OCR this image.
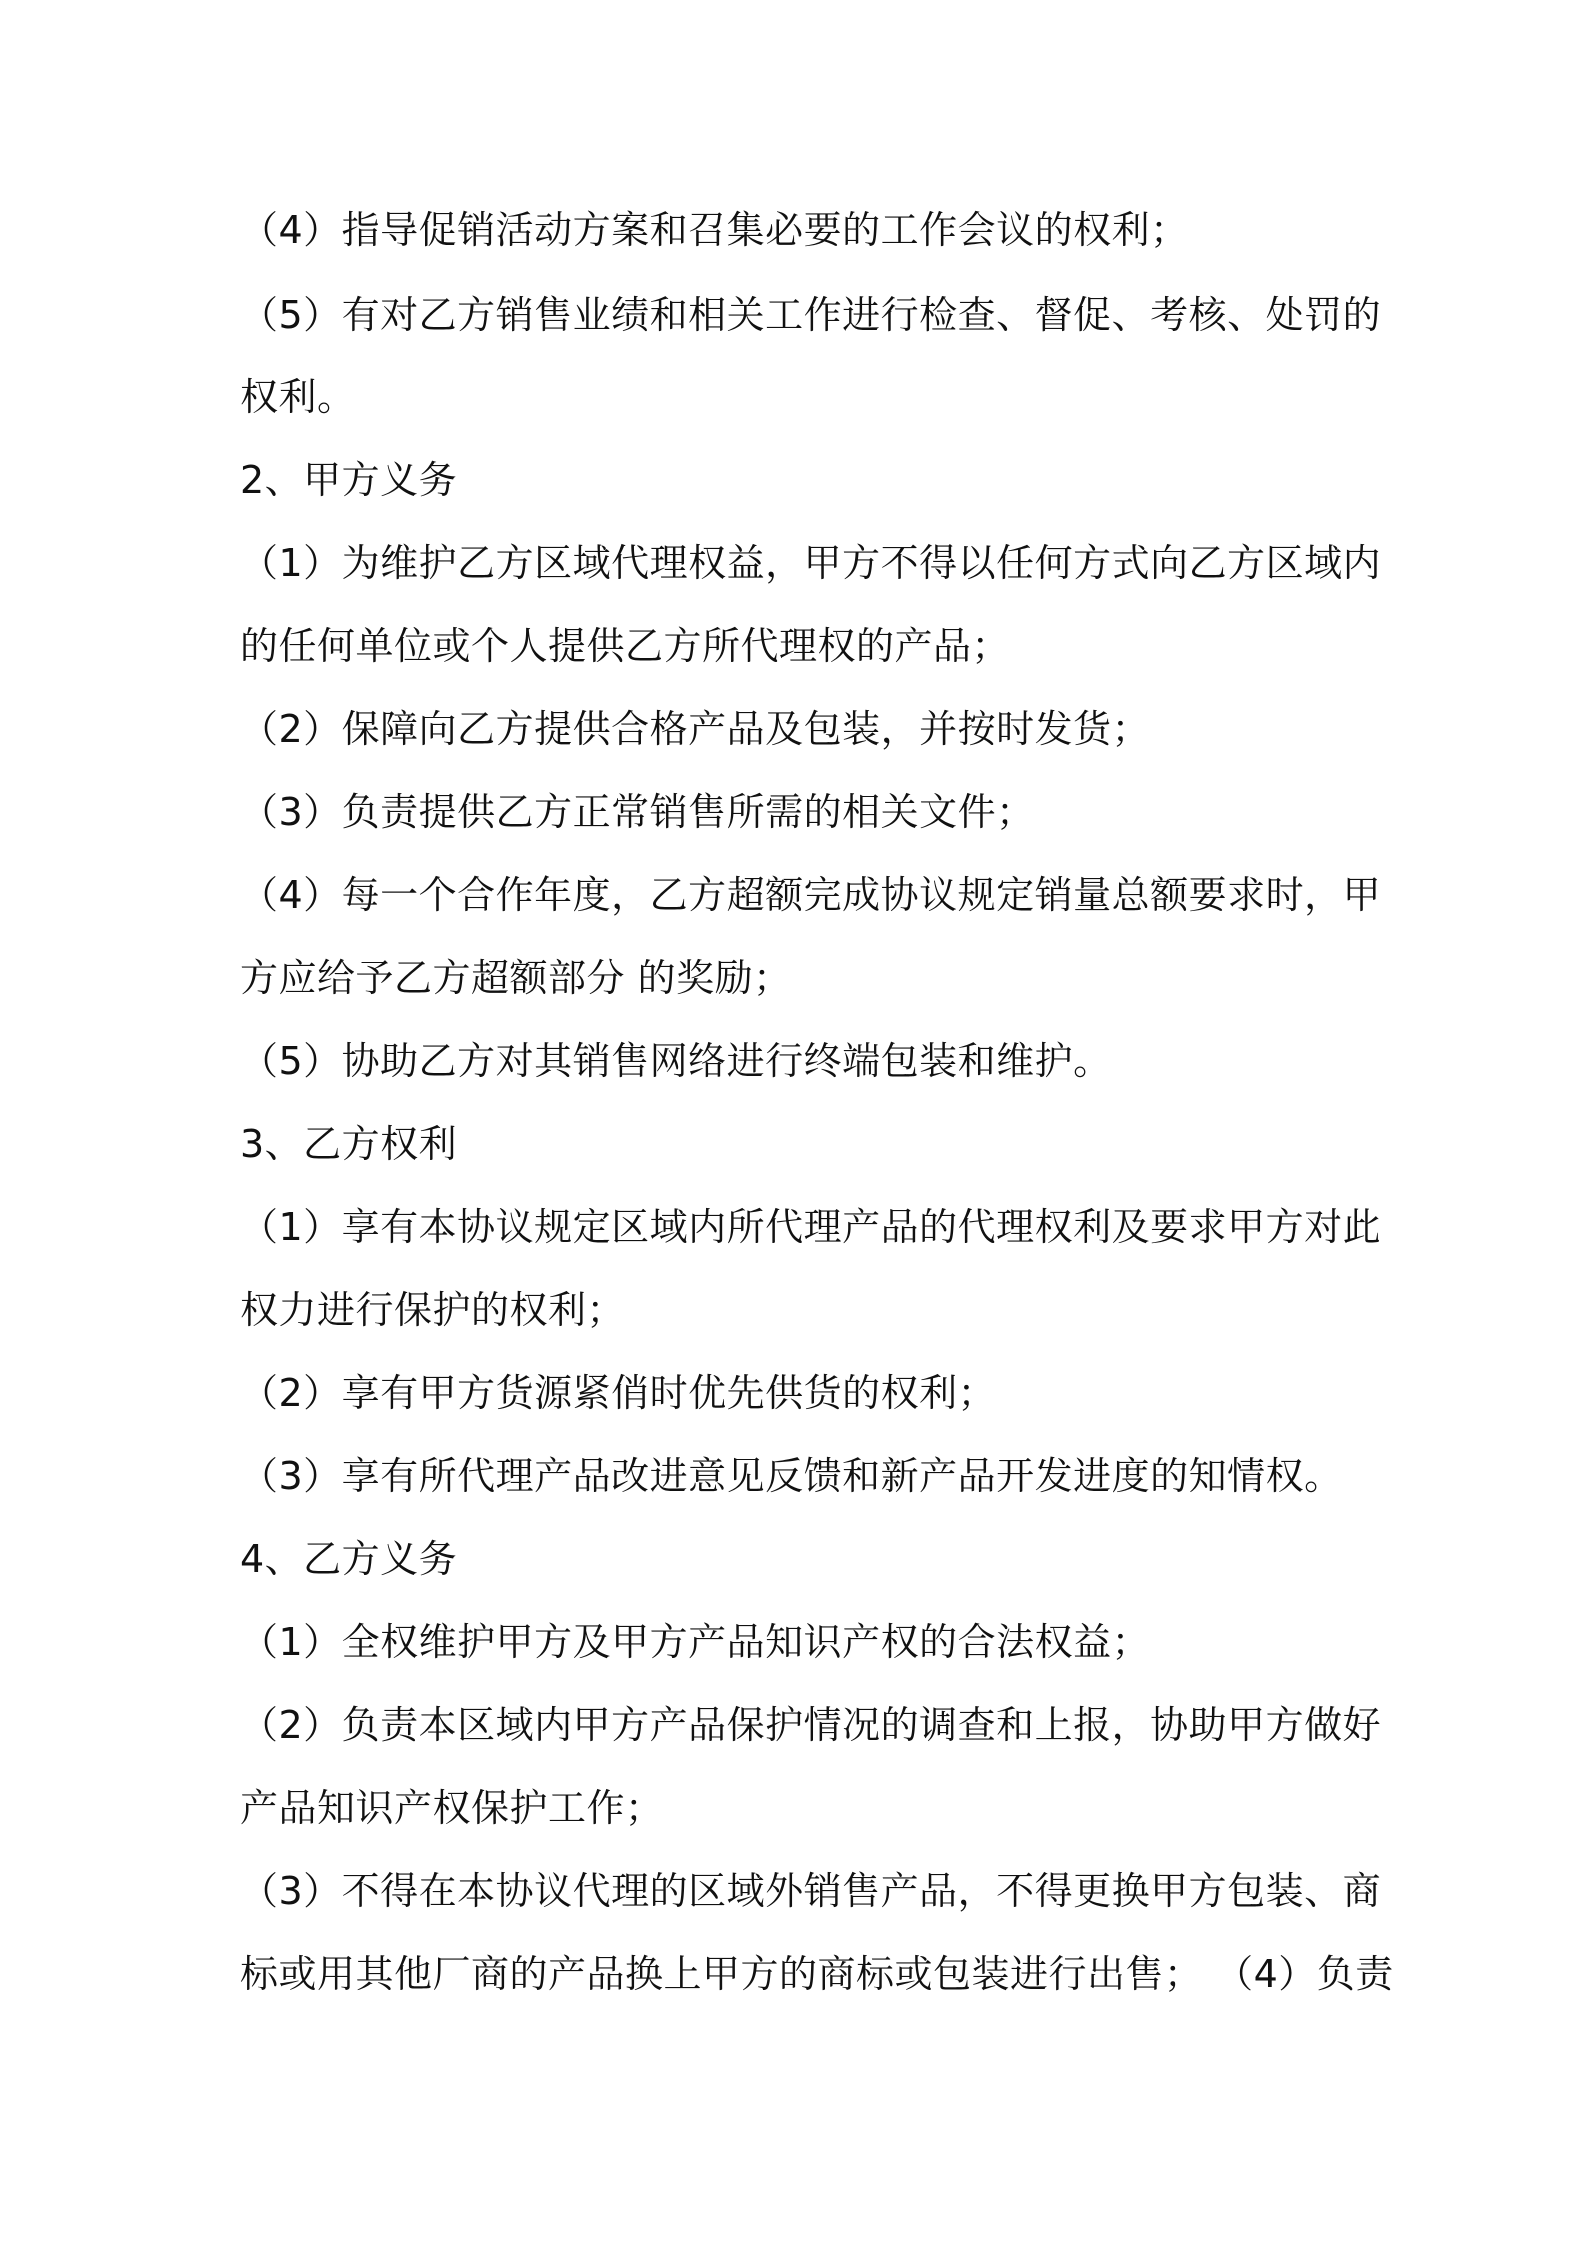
（4）指导促销活动方案和召集必要的工作会议的权利；
（5）有对乙方销售业绩和相关工作进行检查、督促、考核、处罚的
权利。
2、甲方义务
（1）为维护乙方区域代理权益，甲方不得以任何方式向乙方区域内
的任何单位或个人提供乙方所代理权的产品；
（2）保障向乙方提供合格产品及包装，并按时发货；
（3）负责提供乙方正常销售所需的相关文件；
（4）每一个合作年度，乙方超额完成协议规定销量总额要求时，甲
方应给予乙方超额部分 的奖励；
（5）协助乙方对其销售网络进行终端包装和维护。
3、乙方权利
（1）享有本协议规定区域内所代理产品的代理权利及要求甲方对此
权力进行保护的权利；
（2）享有甲方货源紧俏时优先供货的权利；
（3）享有所代理产品改进意见反馈和新产品开发进度的知情权。
4、乙方义务
（1）全权维护甲方及甲方产品知识产权的合法权益；
（2）负责本区域内甲方产品保护情况的调查和上报，协助甲方做好
产品知识产权保护工作；
（3）不得在本协议代理的区域外销售产品，不得更换甲方包装、商
标或用其他厂商的产品换上甲方的商标或包装进行出售； （4）负责
